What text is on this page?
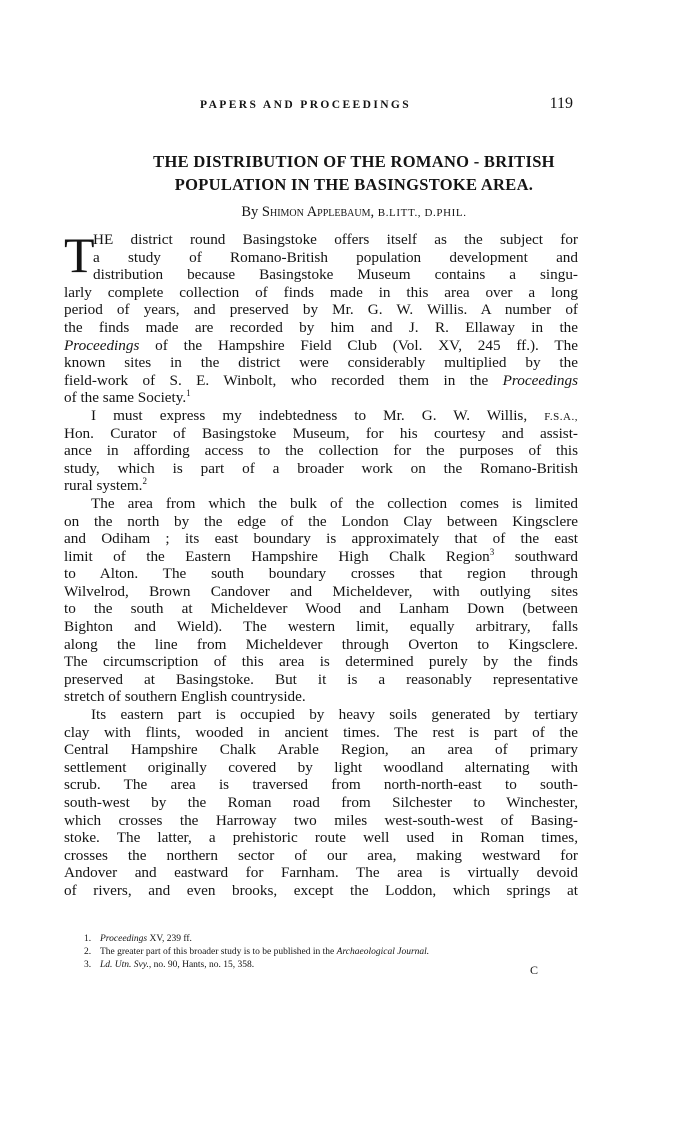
PAPERS AND PROCEEDINGS	119
THE DISTRIBUTION OF THE ROMANO - BRITISH
POPULATION IN THE BASINGSTOKE AREA.
By Shimon Applebaum, B.LITT., D.PHIL.
T
HE district round Basingstoke offers itself as the subject for
a study of Romano-British population development and
distribution because Basingstoke Museum contains a singu-
larly complete collection of finds made in this area over a long
period of years, and preserved by Mr. G. W. Willis. A number of
the finds made are recorded by him and J. R. Ellaway in the
Proceedings of the Hampshire Field Club (Vol. XV, 245 ff.). The
known sites in the district were considerably multiplied by the
field-work of S. E. Winbolt, who recorded them in the Proceedings
of the same Society.$^1$
I must express my indebtedness to Mr. G. W. Willis, F.S.A.,
Hon. Curator of Basingstoke Museum, for his courtesy and assist-
ance in affording access to the collection for the purposes of this
study, which is part of a broader work on the Romano-British
rural system.$^2$
The area from which the bulk of the collection comes is limited
on the north by the edge of the London Clay between Kingsclere
and Odiham ; its east boundary is approximately that of the east
limit of the Eastern Hampshire High Chalk Region$^3$ southward
to Alton. The south boundary crosses that region through
Wilvelrod, Brown Candover and Micheldever, with outlying sites
to the south at Micheldever Wood and Lanham Down (between
Bighton and Wield). The western limit, equally arbitrary, falls
along the line from Micheldever through Overton to Kingsclere.
The circumscription of this area is determined purely by the finds
preserved at Basingstoke. But it is a reasonably representative
stretch of southern English countryside.
Its eastern part is occupied by heavy soils generated by tertiary
clay with flints, wooded in ancient times. The rest is part of the
Central Hampshire Chalk Arable Region, an area of primary
settlement originally covered by light woodland alternating with
scrub. The area is traversed from north-north-east to south-
south-west by the Roman road from Silchester to Winchester,
which crosses the Harroway two miles west-south-west of Basing-
stoke. The latter, a prehistoric route well used in Roman times,
crosses the northern sector of our area, making westward for
Andover and eastward for Farnham. The area is virtually devoid
of rivers, and even brooks, except the Loddon, which springs at
1. Proceedings XV, 239 ff.
2. The greater part of this broader study is to be published in the Archaeological Journal.
3. Ld. Utn. Svy., no. 90, Hants, no. 15, 358.	C
